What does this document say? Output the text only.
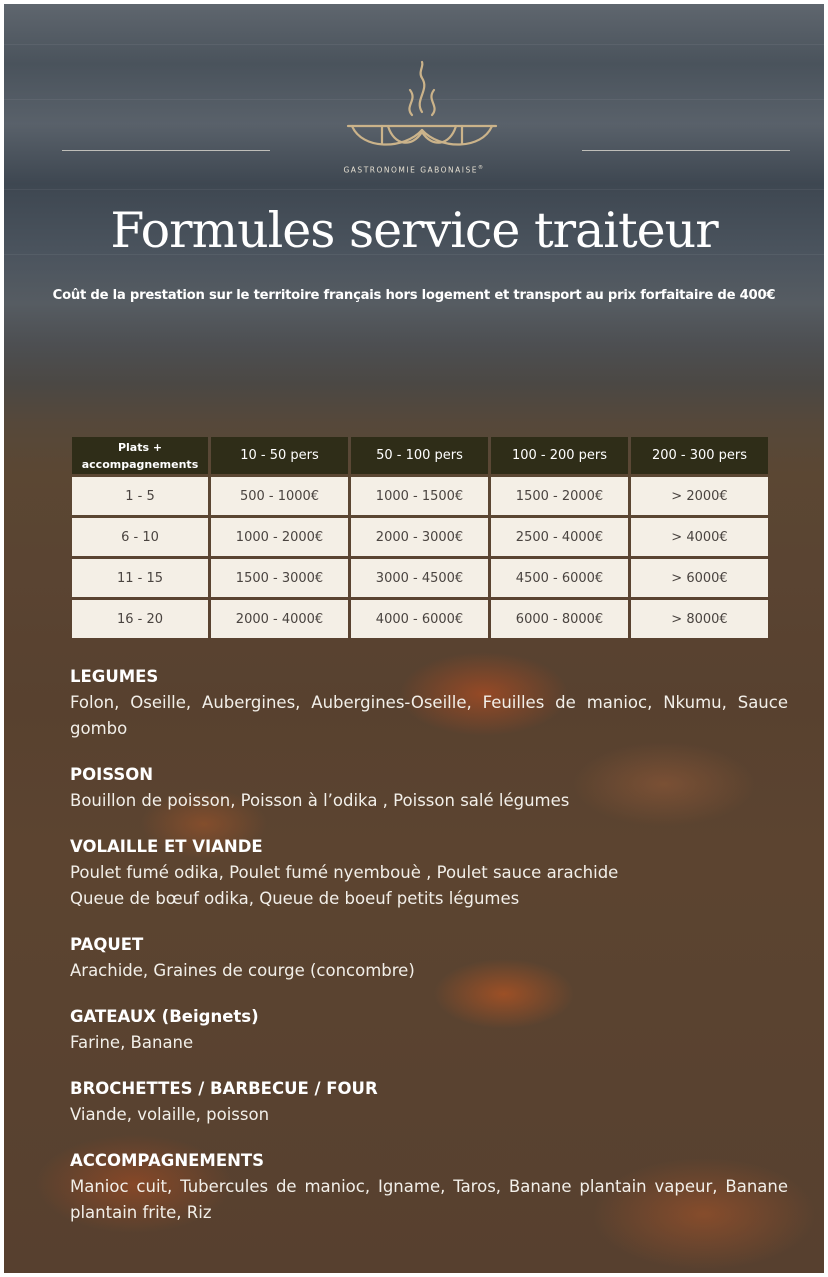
GASTRONOMIE GABONAISE®
Formules service traiteur
Coût de la prestation sur le territoire français hors logement et transport au prix forfaitaire de 400€
Plats +
accompagnements	10 - 50 pers	50 - 100 pers	100 - 200 pers	200 - 300 pers
1 - 5	500 - 1000€	1000 - 1500€	1500 - 2000€	> 2000€
6 - 10	1000 - 2000€	2000 - 3000€	2500 - 4000€	> 4000€
11 - 15	1500 - 3000€	3000 - 4500€	4500 - 6000€	> 6000€
16 - 20	2000 - 4000€	4000 - 6000€	6000 - 8000€	> 8000€
LEGUMES

Folon, Oseille, Aubergines, Aubergines-Oseille, Feuilles de manioc, Nkumu, Sauce gombo

POISSON

Bouillon de poisson, Poisson à l’odika , Poisson salé légumes

VOLAILLE ET VIANDE

Poulet fumé odika, Poulet fumé nyembouè , Poulet sauce arachide

Queue de bœuf odika, Queue de boeuf petits légumes

PAQUET

Arachide, Graines de courge (concombre)

GATEAUX (Beignets)

Farine, Banane

BROCHETTES / BARBECUE / FOUR

Viande, volaille, poisson

ACCOMPAGNEMENTS

Manioc cuit, Tubercules de manioc, Igname, Taros, Banane plantain vapeur, Banane plantain frite, Riz
